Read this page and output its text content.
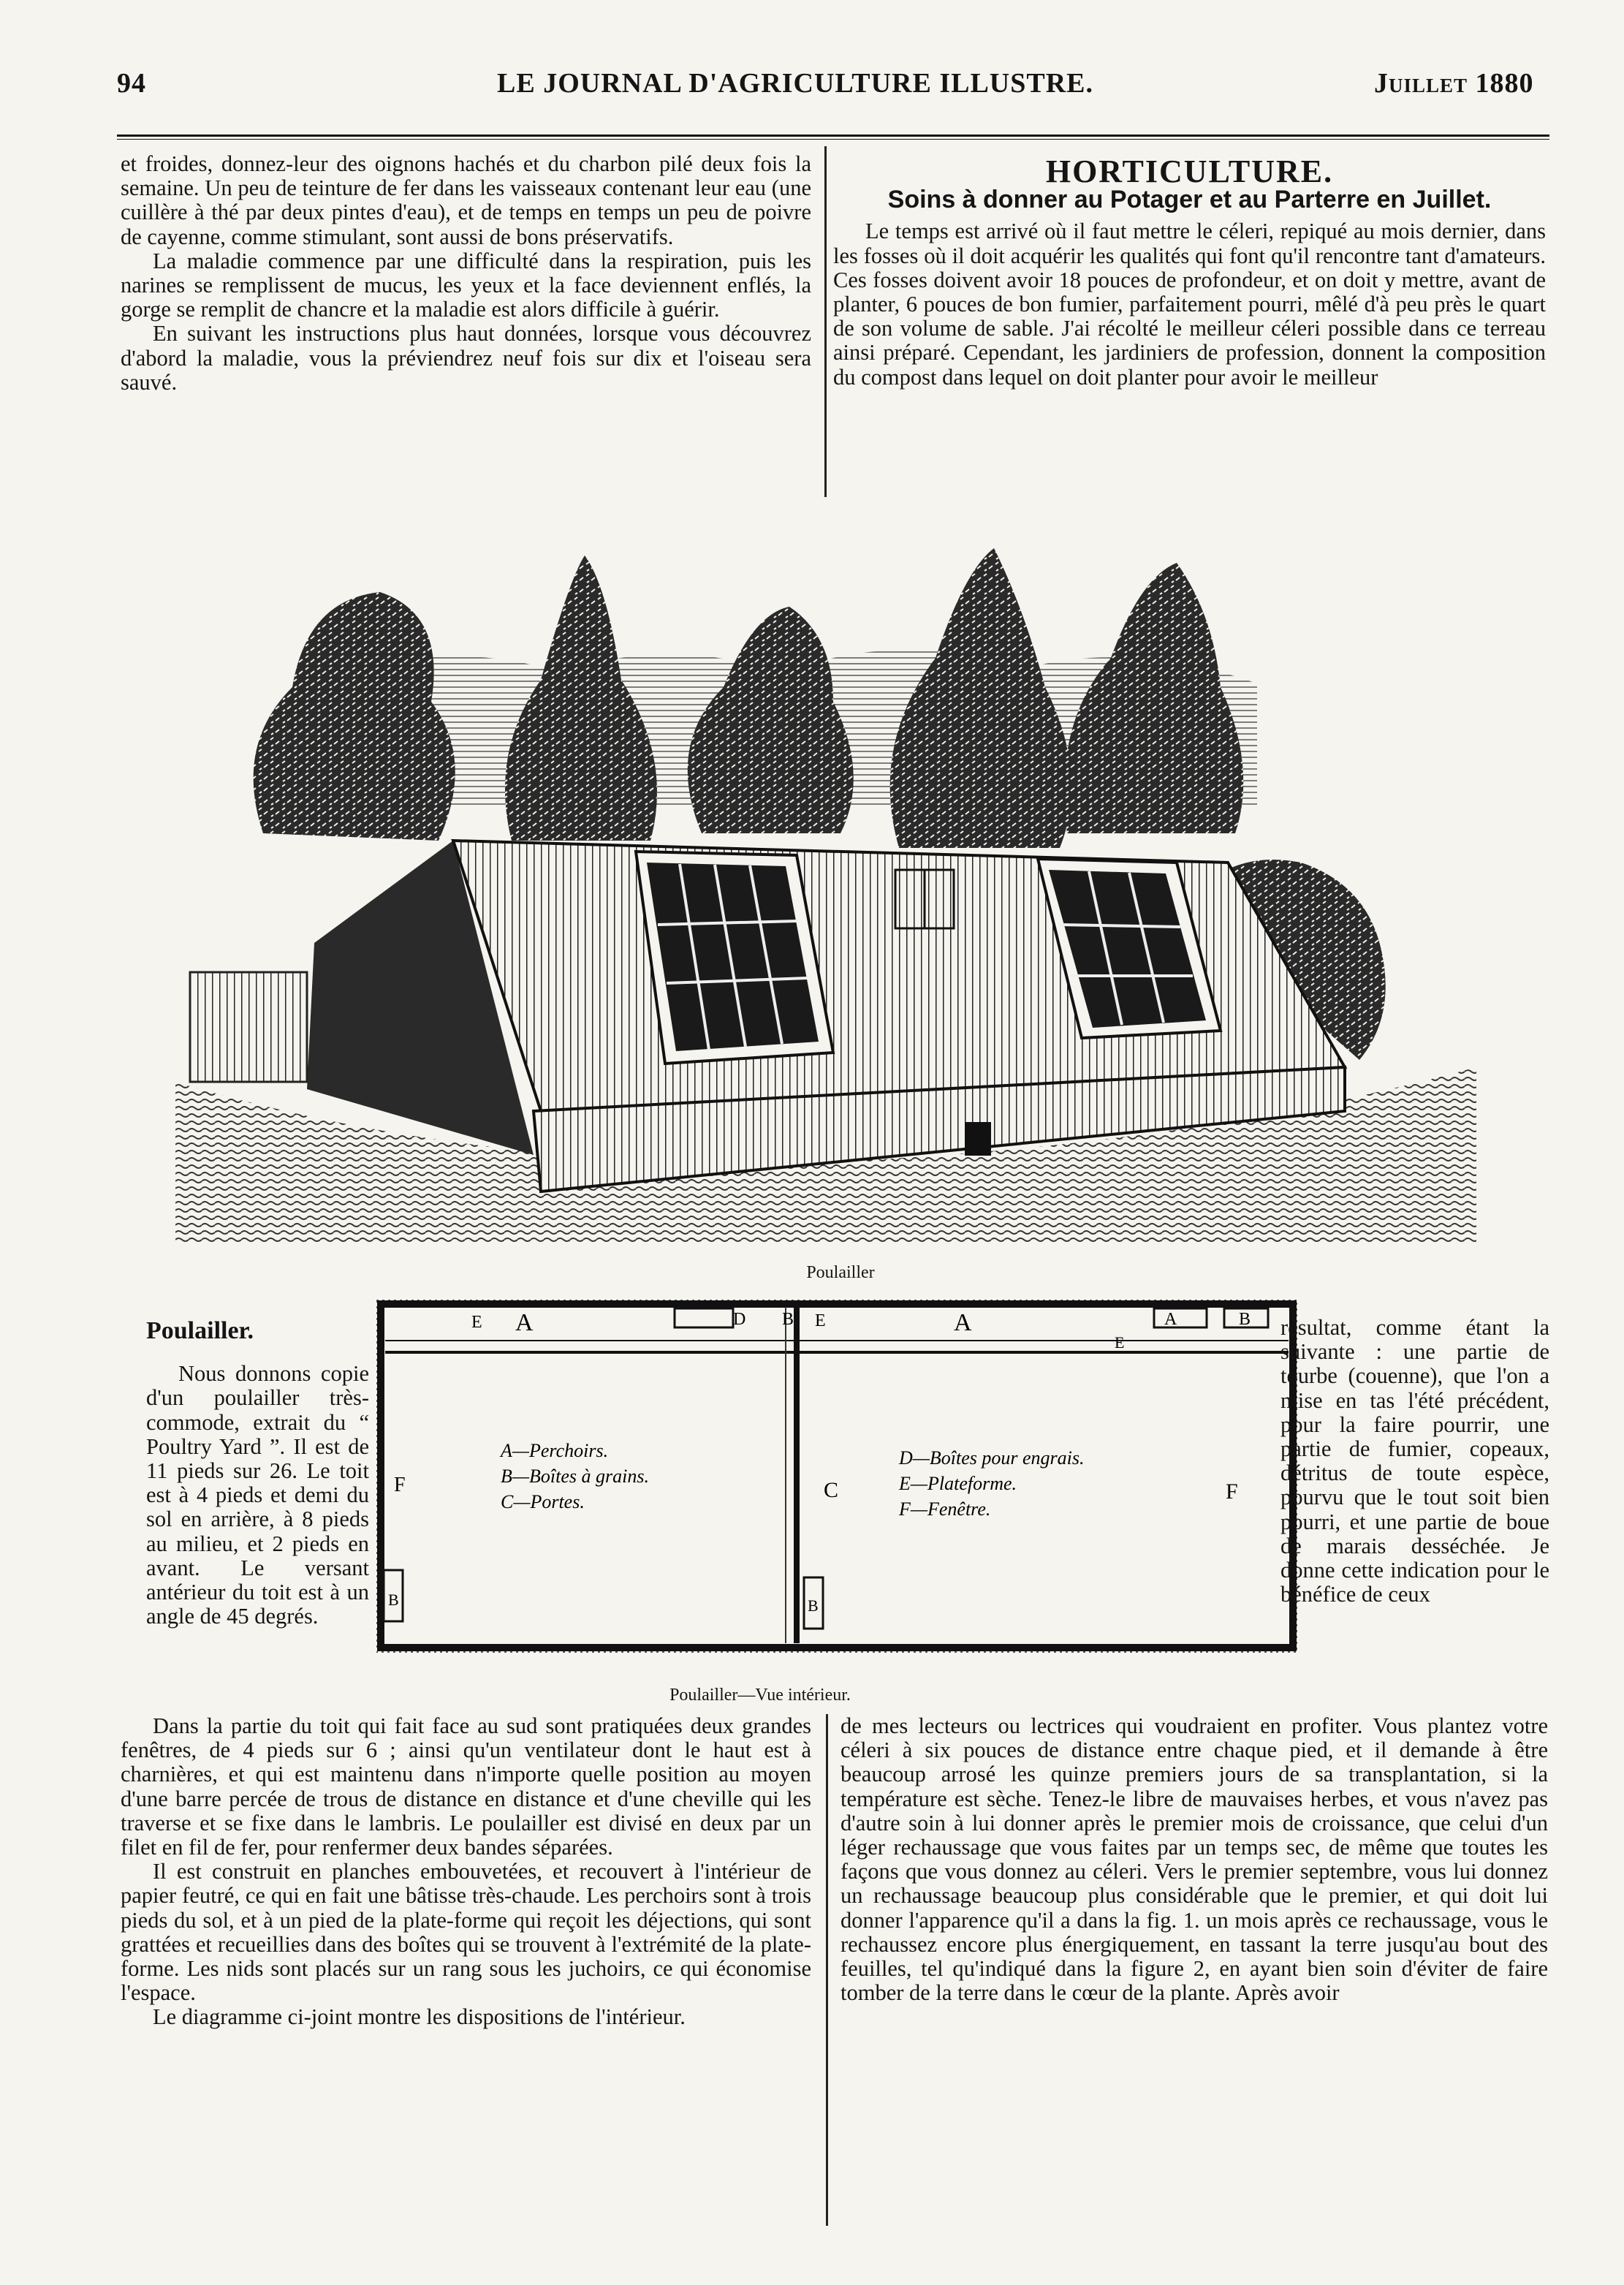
94	LE JOURNAL D'AGRICULTURE ILLUSTRE.	Juillet 1880

et froides, donnez-leur des oignons hachés et du charbon pilé deux fois la semaine. Un peu de teinture de fer dans les vaisseaux contenant leur eau (une cuillère à thé par deux pintes d'eau), et de temps en temps un peu de poivre de cayenne, comme stimulant, sont aussi de bons préservatifs.

La maladie commence par une difficulté dans la respiration, puis les narines se remplissent de mucus, les yeux et la face deviennent enflés, la gorge se remplit de chancre et la maladie est alors difficile à guérir.

En suivant les instructions plus haut données, lorsque vous découvrez d'abord la maladie, vous la préviendrez neuf fois sur dix et l'oiseau sera sauvé.

HORTICULTURE.
Soins à donner au Potager et au Parterre en Juillet.

Le temps est arrivé où il faut mettre le céleri, repiqué au mois dernier, dans les fosses où il doit acquérir les qualités qui font qu'il rencontre tant d'amateurs. Ces fosses doivent avoir 18 pouces de profondeur, et on doit y mettre, avant de planter, 6 pouces de bon fumier, parfaitement pourri, mêlé d'à peu près le quart de son volume de sable. J'ai récolté le meilleur céleri possible dans ce terreau ainsi préparé. Cependant, les jardiniers de profession, donnent la composition du compost dans lequel on doit planter pour avoir le meilleur

Poulailler
Poulailler.

Nous donnons copie d'un poulailler très-commode, extrait du “ Poultry Yard ”. Il est de 11 pieds sur 26. Le toit est à 4 pieds et demi du sol en arrière, à 8 pieds au milieu, et 2 pieds en avant. Le versant antérieur du toit est à un angle de 45 degrés.

E A	D B E	A
E
A	B
F	F
C
B	B
A—Perchoirs.
B—Boîtes à grains.
C—Portes.
D—Boîtes pour engrais.
E—Plateforme.
F—Fenêtre.
Poulailler—Vue intérieur.

résultat, comme étant la suivante : une partie de tourbe (couenne), que l'on a mise en tas l'été précédent, pour la faire pourrir, une partie de fumier, copeaux, détritus de toute espèce, pourvu que le tout soit bien pourri, et une partie de boue de marais desséchée. Je donne cette indication pour le bénéfice de ceux

Dans la partie du toit qui fait face au sud sont pratiquées deux grandes fenêtres, de 4 pieds sur 6 ; ainsi qu'un ventilateur dont le haut est à charnières, et qui est maintenu dans n'importe quelle position au moyen d'une barre percée de trous de distance en distance et d'une cheville qui les traverse et se fixe dans le lambris. Le poulailler est divisé en deux par un filet en fil de fer, pour renfermer deux bandes séparées.

Il est construit en planches embouvetées, et recouvert à l'intérieur de papier feutré, ce qui en fait une bâtisse très-chaude. Les perchoirs sont à trois pieds du sol, et à un pied de la plate-forme qui reçoit les déjections, qui sont grattées et recueillies dans des boîtes qui se trouvent à l'extrémité de la plate-forme. Les nids sont placés sur un rang sous les juchoirs, ce qui économise l'espace.

Le diagramme ci-joint montre les dispositions de l'intérieur.

de mes lecteurs ou lectrices qui voudraient en profiter. Vous plantez votre céleri à six pouces de distance entre chaque pied, et il demande à être beaucoup arrosé les quinze premiers jours de sa transplantation, si la température est sèche. Tenez-le libre de mauvaises herbes, et vous n'avez pas d'autre soin à lui donner après le premier mois de croissance, que celui d'un léger rechaussage que vous faites par un temps sec, de même que toutes les façons que vous donnez au céleri. Vers le premier septembre, vous lui donnez un rechaussage beaucoup plus considérable que le premier, et qui doit lui donner l'apparence qu'il a dans la fig. 1. un mois après ce rechaussage, vous le rechaussez encore plus énergiquement, en tassant la terre jusqu'au bout des feuilles, tel qu'indiqué dans la figure 2, en ayant bien soin d'éviter de faire tomber de la terre dans le cœur de la plante. Après avoir
